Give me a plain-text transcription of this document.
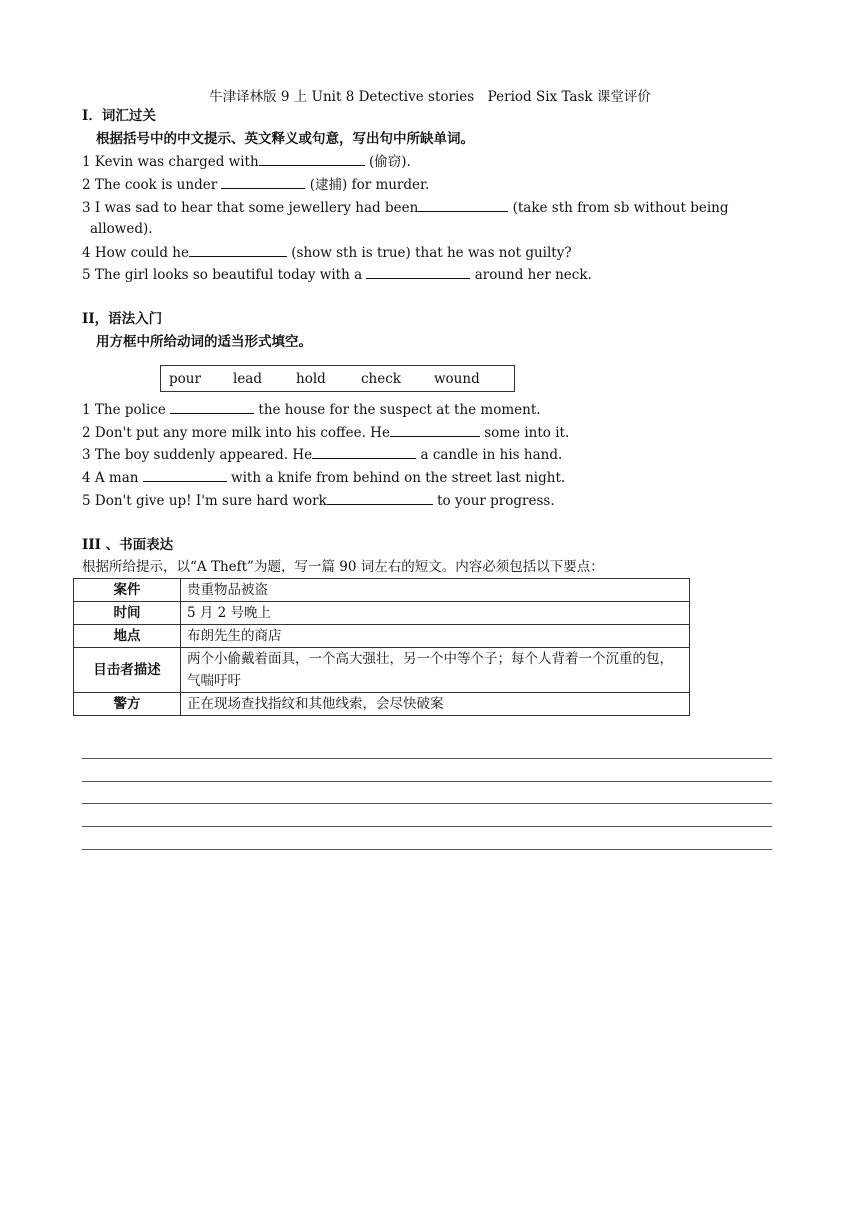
牛津译林版 9 上 Unit 8 Detective stories　Period Six Task 课堂评价
I．词汇过关
根据括号中的中文提示、英文释义或句意，写出句中所缺单词。
1 Kevin was charged with	(偷窃).
2 The cook is under	(逮捕) for murder.
3 I was sad to hear that some jewellery had been	(take sth from sb without being
allowed).
4 How could he	(show sth is true) that he was not guilty?
5 The girl looks so beautiful today with a	around her neck.
II，语法入门
用方框中所给动词的适当形式填空。
pour lead	hold	check wound
1 The police	the house for the suspect at the moment.
2 Don't put any more milk into his coffee. He	some into it.
3 The boy suddenly appeared. He	a candle in his hand.
4 A man	with a knife from behind on the street last night.
5 Don't give up! I'm sure hard work	to your progress.
III 、书面表达
根据所给提示，以“A Theft”为题，写一篇 90 词左右的短文。内容必须包括以下要点：
案件	贵重物品被盗
时间	5 月 2 号晚上
地点	布朗先生的商店
目击者描述	两个小偷戴着面具，一个高大强壮，另一个中等个子；每个人背着一个沉重的包，气喘吁吁
警方	正在现场查找指纹和其他线索，会尽快破案
